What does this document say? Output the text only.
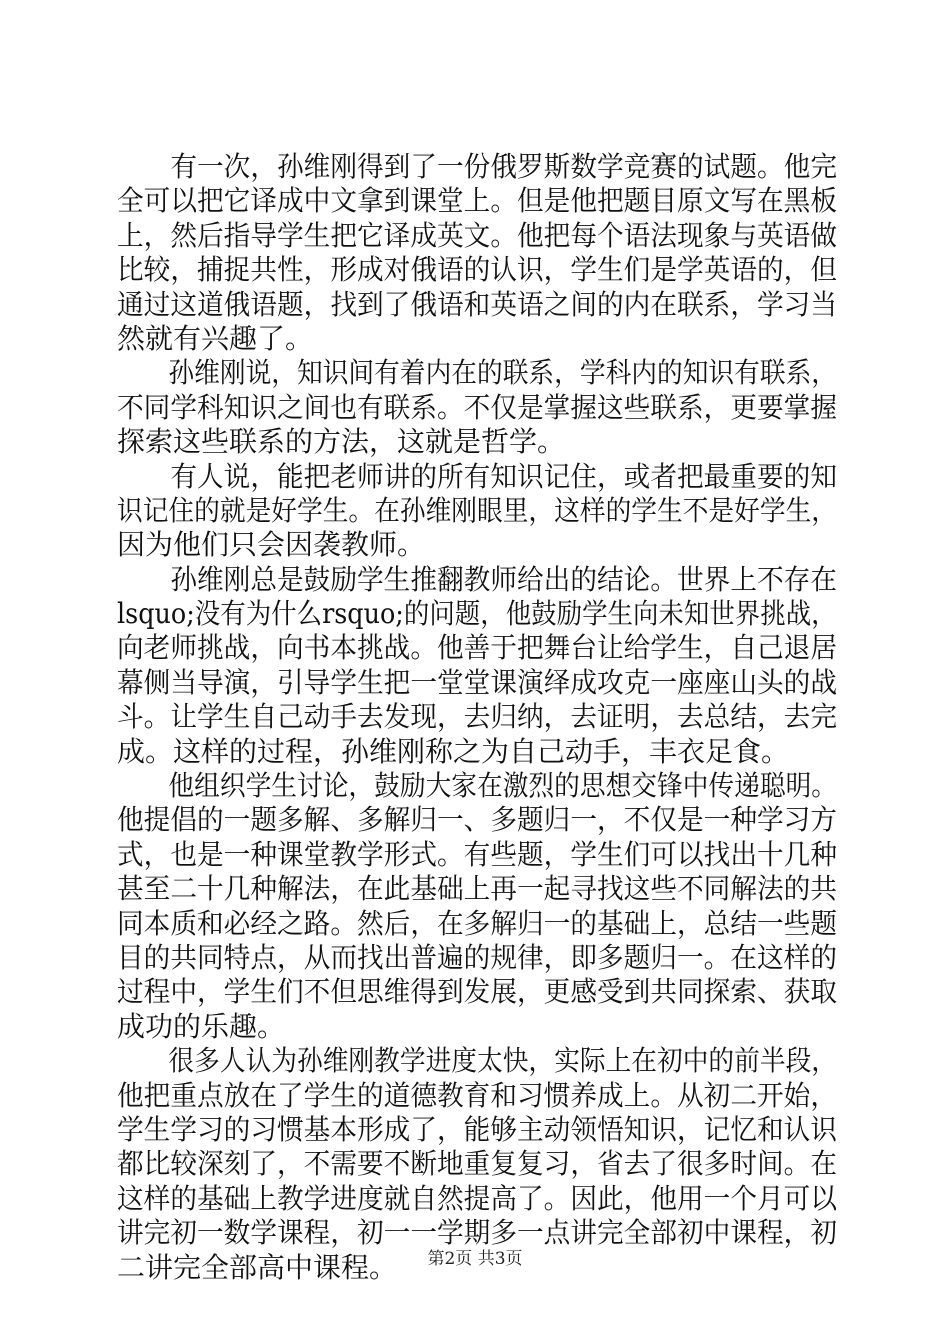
　　有一次，孙维刚得到了一份俄罗斯数学竞赛的试题。他完
全可以把它译成中文拿到课堂上。但是他把题目原文写在黑板
上，然后指导学生把它译成英文。他把每个语法现象与英语做
比较，捕捉共性，形成对俄语的认识，学生们是学英语的，但
通过这道俄语题，找到了俄语和英语之间的内在联系，学习当
然就有兴趣了。
　　孙维刚说，知识间有着内在的联系，学科内的知识有联系，
不同学科知识之间也有联系。不仅是掌握这些联系，更要掌握
探索这些联系的方法，这就是哲学。
　　有人说，能把老师讲的所有知识记住，或者把最重要的知
识记住的就是好学生。在孙维刚眼里，这样的学生不是好学生，
因为他们只会因袭教师。
　　孙维刚总是鼓励学生推翻教师给出的结论。世界上不存在
lsquo;没有为什么rsquo;的问题，他鼓励学生向未知世界挑战，
向老师挑战，向书本挑战。他善于把舞台让给学生，自己退居
幕侧当导演，引导学生把一堂堂课演绎成攻克一座座山头的战
斗。让学生自己动手去发现，去归纳，去证明，去总结，去完
成。这样的过程，孙维刚称之为自己动手，丰衣足食。
　　他组织学生讨论，鼓励大家在激烈的思想交锋中传递聪明。
他提倡的一题多解、多解归一、多题归一，不仅是一种学习方
式，也是一种课堂教学形式。有些题，学生们可以找出十几种
甚至二十几种解法，在此基础上再一起寻找这些不同解法的共
同本质和必经之路。然后，在多解归一的基础上，总结一些题
目的共同特点，从而找出普遍的规律，即多题归一。在这样的
过程中，学生们不但思维得到发展，更感受到共同探索、获取
成功的乐趣。
　　很多人认为孙维刚教学进度太快，实际上在初中的前半段，
他把重点放在了学生的道德教育和习惯养成上。从初二开始，
学生学习的习惯基本形成了，能够主动领悟知识，记忆和认识
都比较深刻了，不需要不断地重复复习，省去了很多时间。在
这样的基础上教学进度就自然提高了。因此，他用一个月可以
讲完初一数学课程，初一一学期多一点讲完全部初中课程，初
二讲完全部高中课程。	第2页 共3页
